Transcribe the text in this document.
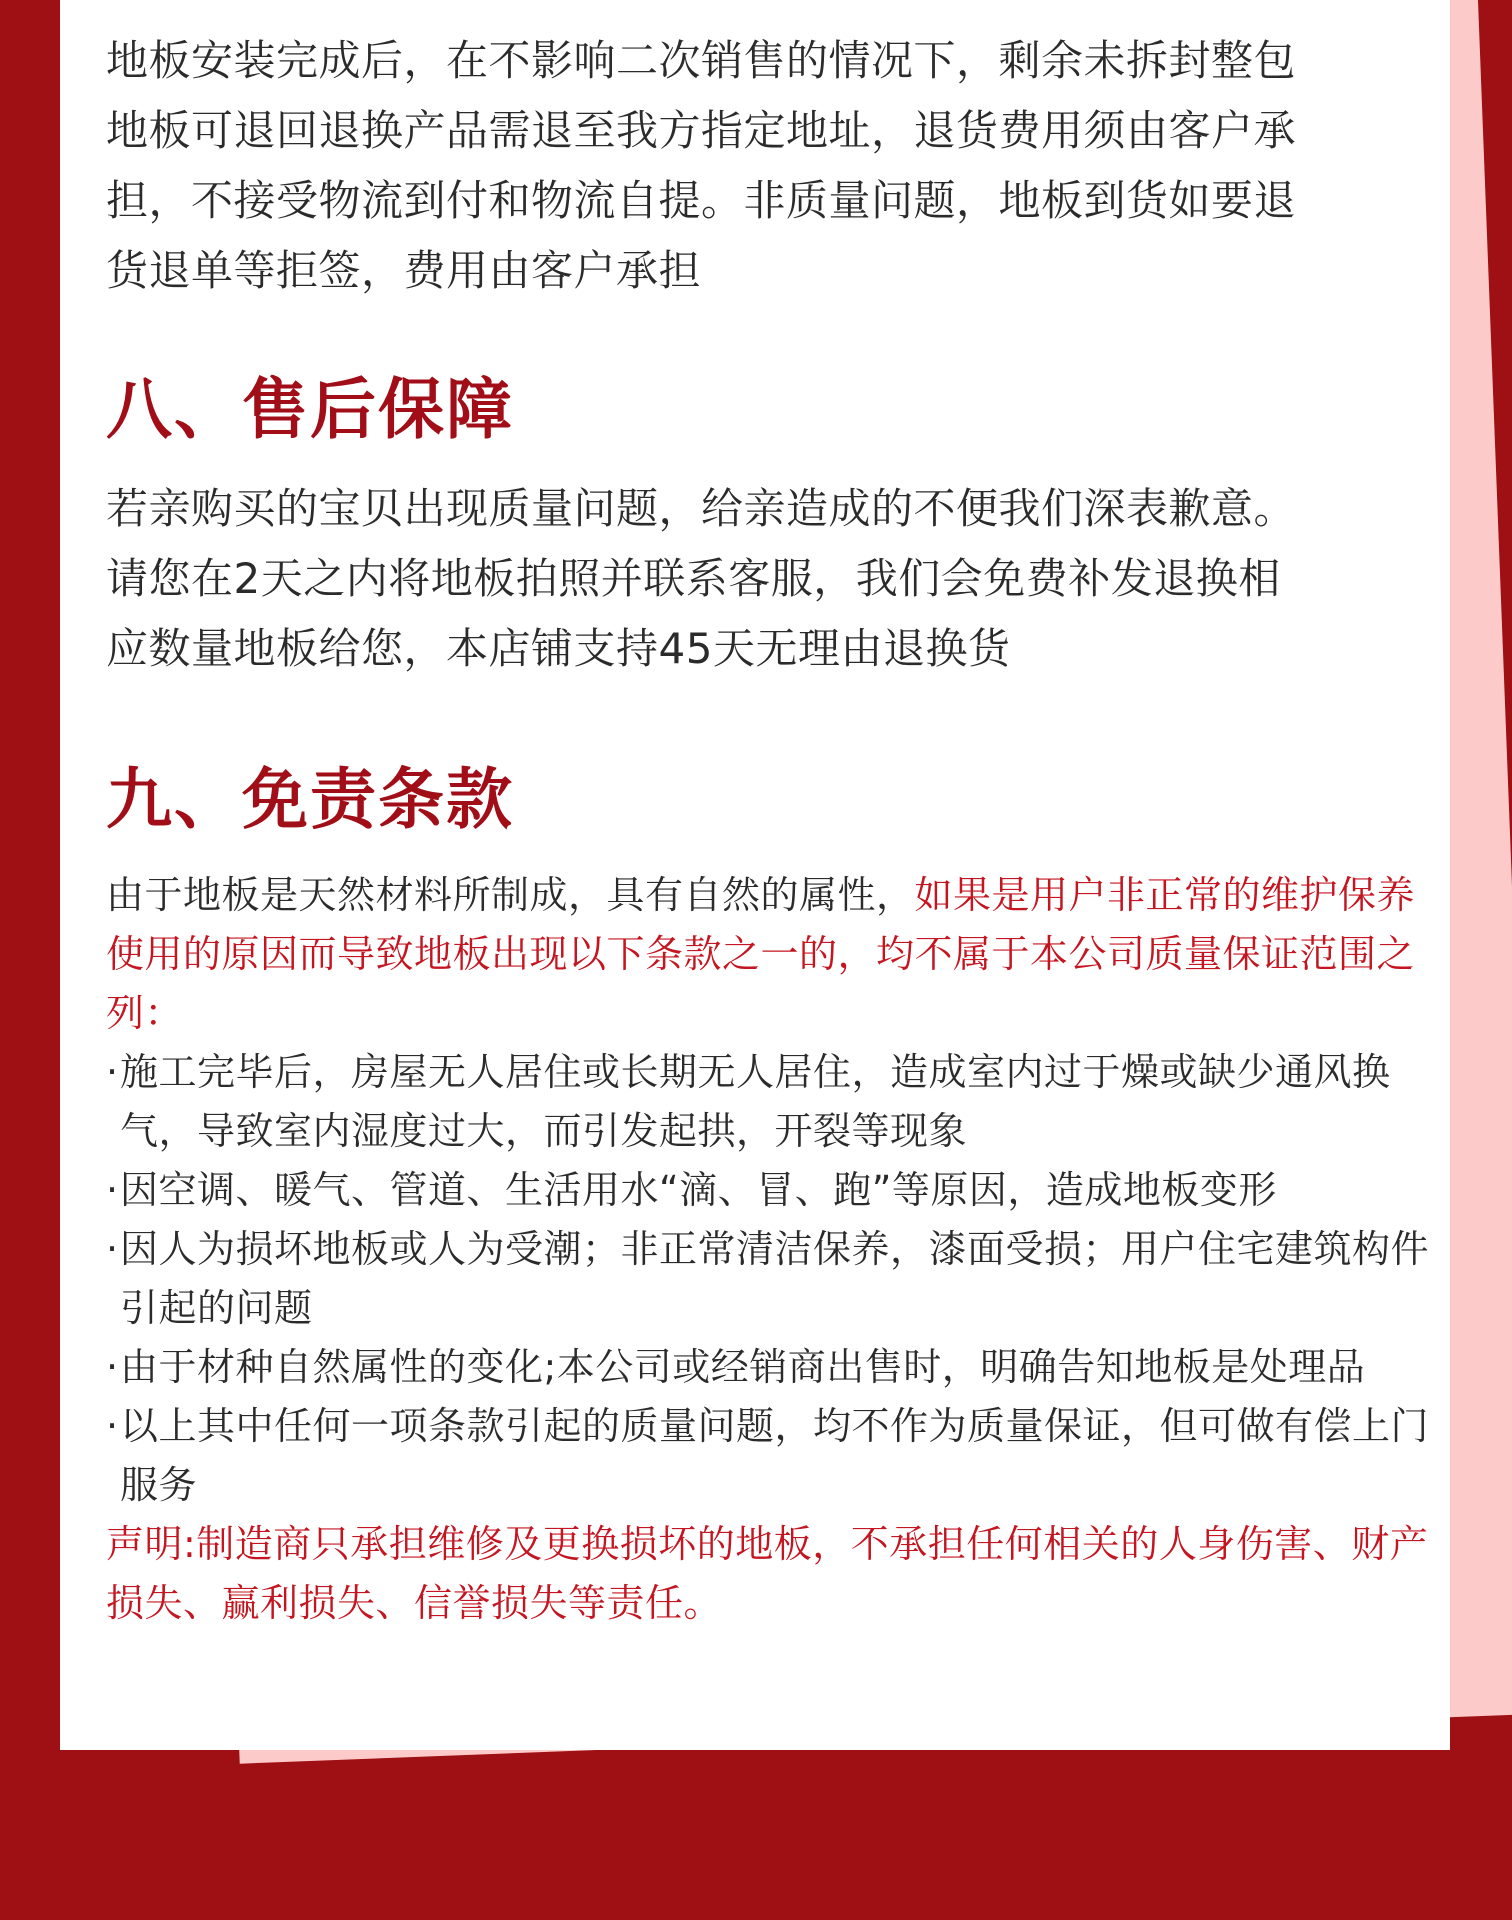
地板安装完成后，在不影响二次销售的情况下，剩余未拆封整包
地板可退回退换产品需退至我方指定地址，退货费用须由客户承
担，不接受物流到付和物流自提。非质量问题，地板到货如要退
货退单等拒签，费用由客户承担

八、售后保障

若亲购买的宝贝出现质量问题，给亲造成的不便我们深表歉意。
请您在2天之内将地板拍照并联系客服，我们会免费补发退换相
应数量地板给您，本店铺支持45天无理由退换货

九、免责条款

由于地板是天然材料所制成，具有自然的属性，如果是用户非正常的维护保养使用的原因而导致地板出现以下条款之一的，均不属于本公司质量保证范围之列：

· 施工完毕后，房屋无人居住或长期无人居住，造成室内过于燥或缺少通风换气，导致室内湿度过大，而引发起拱，开裂等现象
· 因空调、暖气、管道、生活用水“滴、冒、跑”等原因，造成地板变形
· 因人为损坏地板或人为受潮；非正常清洁保养，漆面受损；用户住宅建筑构件引起的问题
· 由于材种自然属性的变化;本公司或经销商出售时，明确告知地板是处理品
· 以上其中任何一项条款引起的质量问题，均不作为质量保证，但可做有偿上门服务

声明:制造商只承担维修及更换损坏的地板，不承担任何相关的人身伤害、财产损失、赢利损失、信誉损失等责任。
